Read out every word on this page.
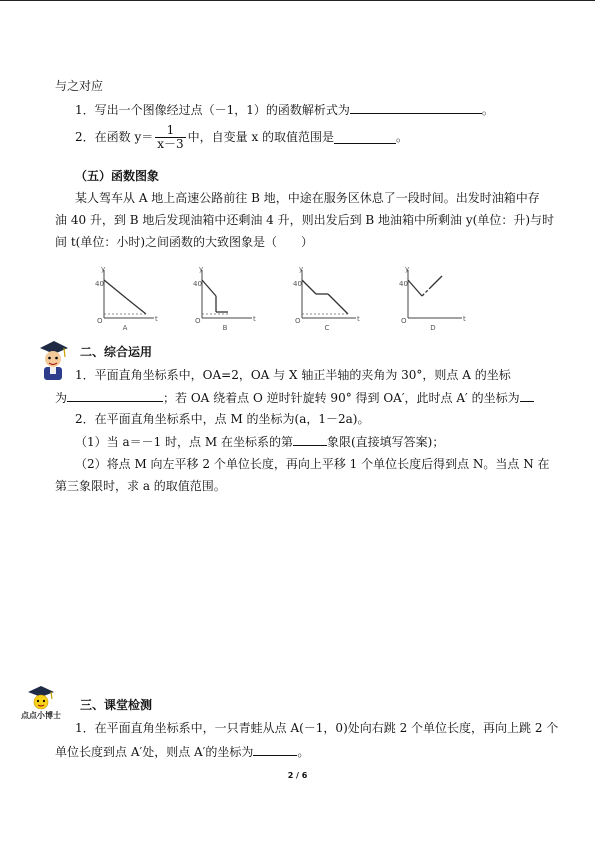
与之对应
1．写出一个图像经过点（－1，1）的函数解析式为	。
2．在函数 $y= \frac{1}{x-3}$ 中，自变量 x 的取值范围是	。
（五）函数图象
某人驾车从 A 地上高速公路前往 B 地，中途在服务区休息了一段时间。出发时油箱中存
油 40 升，到 B 地后发现油箱中还剩油 4 升，则出发后到 B 地油箱中所剩油 y(单位：升)与时
间 t(单位：小时)之间函数的大致图象是（　　）
y
40
O	t
A
y
40
O	t
B
y
40
O	t
C
y
40
O	t
D
二、综合运用
1．平面直角坐标系中，OA=2，OA 与 X 轴正半轴的夹角为 30°，则点 A 的坐标
为	；若 OA 绕着点 O 逆时针旋转 90° 得到 OA′，此时点 A′ 的坐标为
2．在平面直角坐标系中，点 M 的坐标为(a，1－2a)。
（1）当 a＝－1 时，点 M 在坐标系的第	象限(直接填写答案)；
（2）将点 M 向左平移 2 个单位长度，再向上平移 1 个单位长度后得到点 N。当点 N 在
第三象限时，求 a 的取值范围。
点点小博士
三、课堂检测
1．在平面直角坐标系中，一只青蛙从点 A(－1，0)处向右跳 2 个单位长度，再向上跳 2 个
单位长度到点 A′处，则点 A′的坐标为	。
2 / 6
